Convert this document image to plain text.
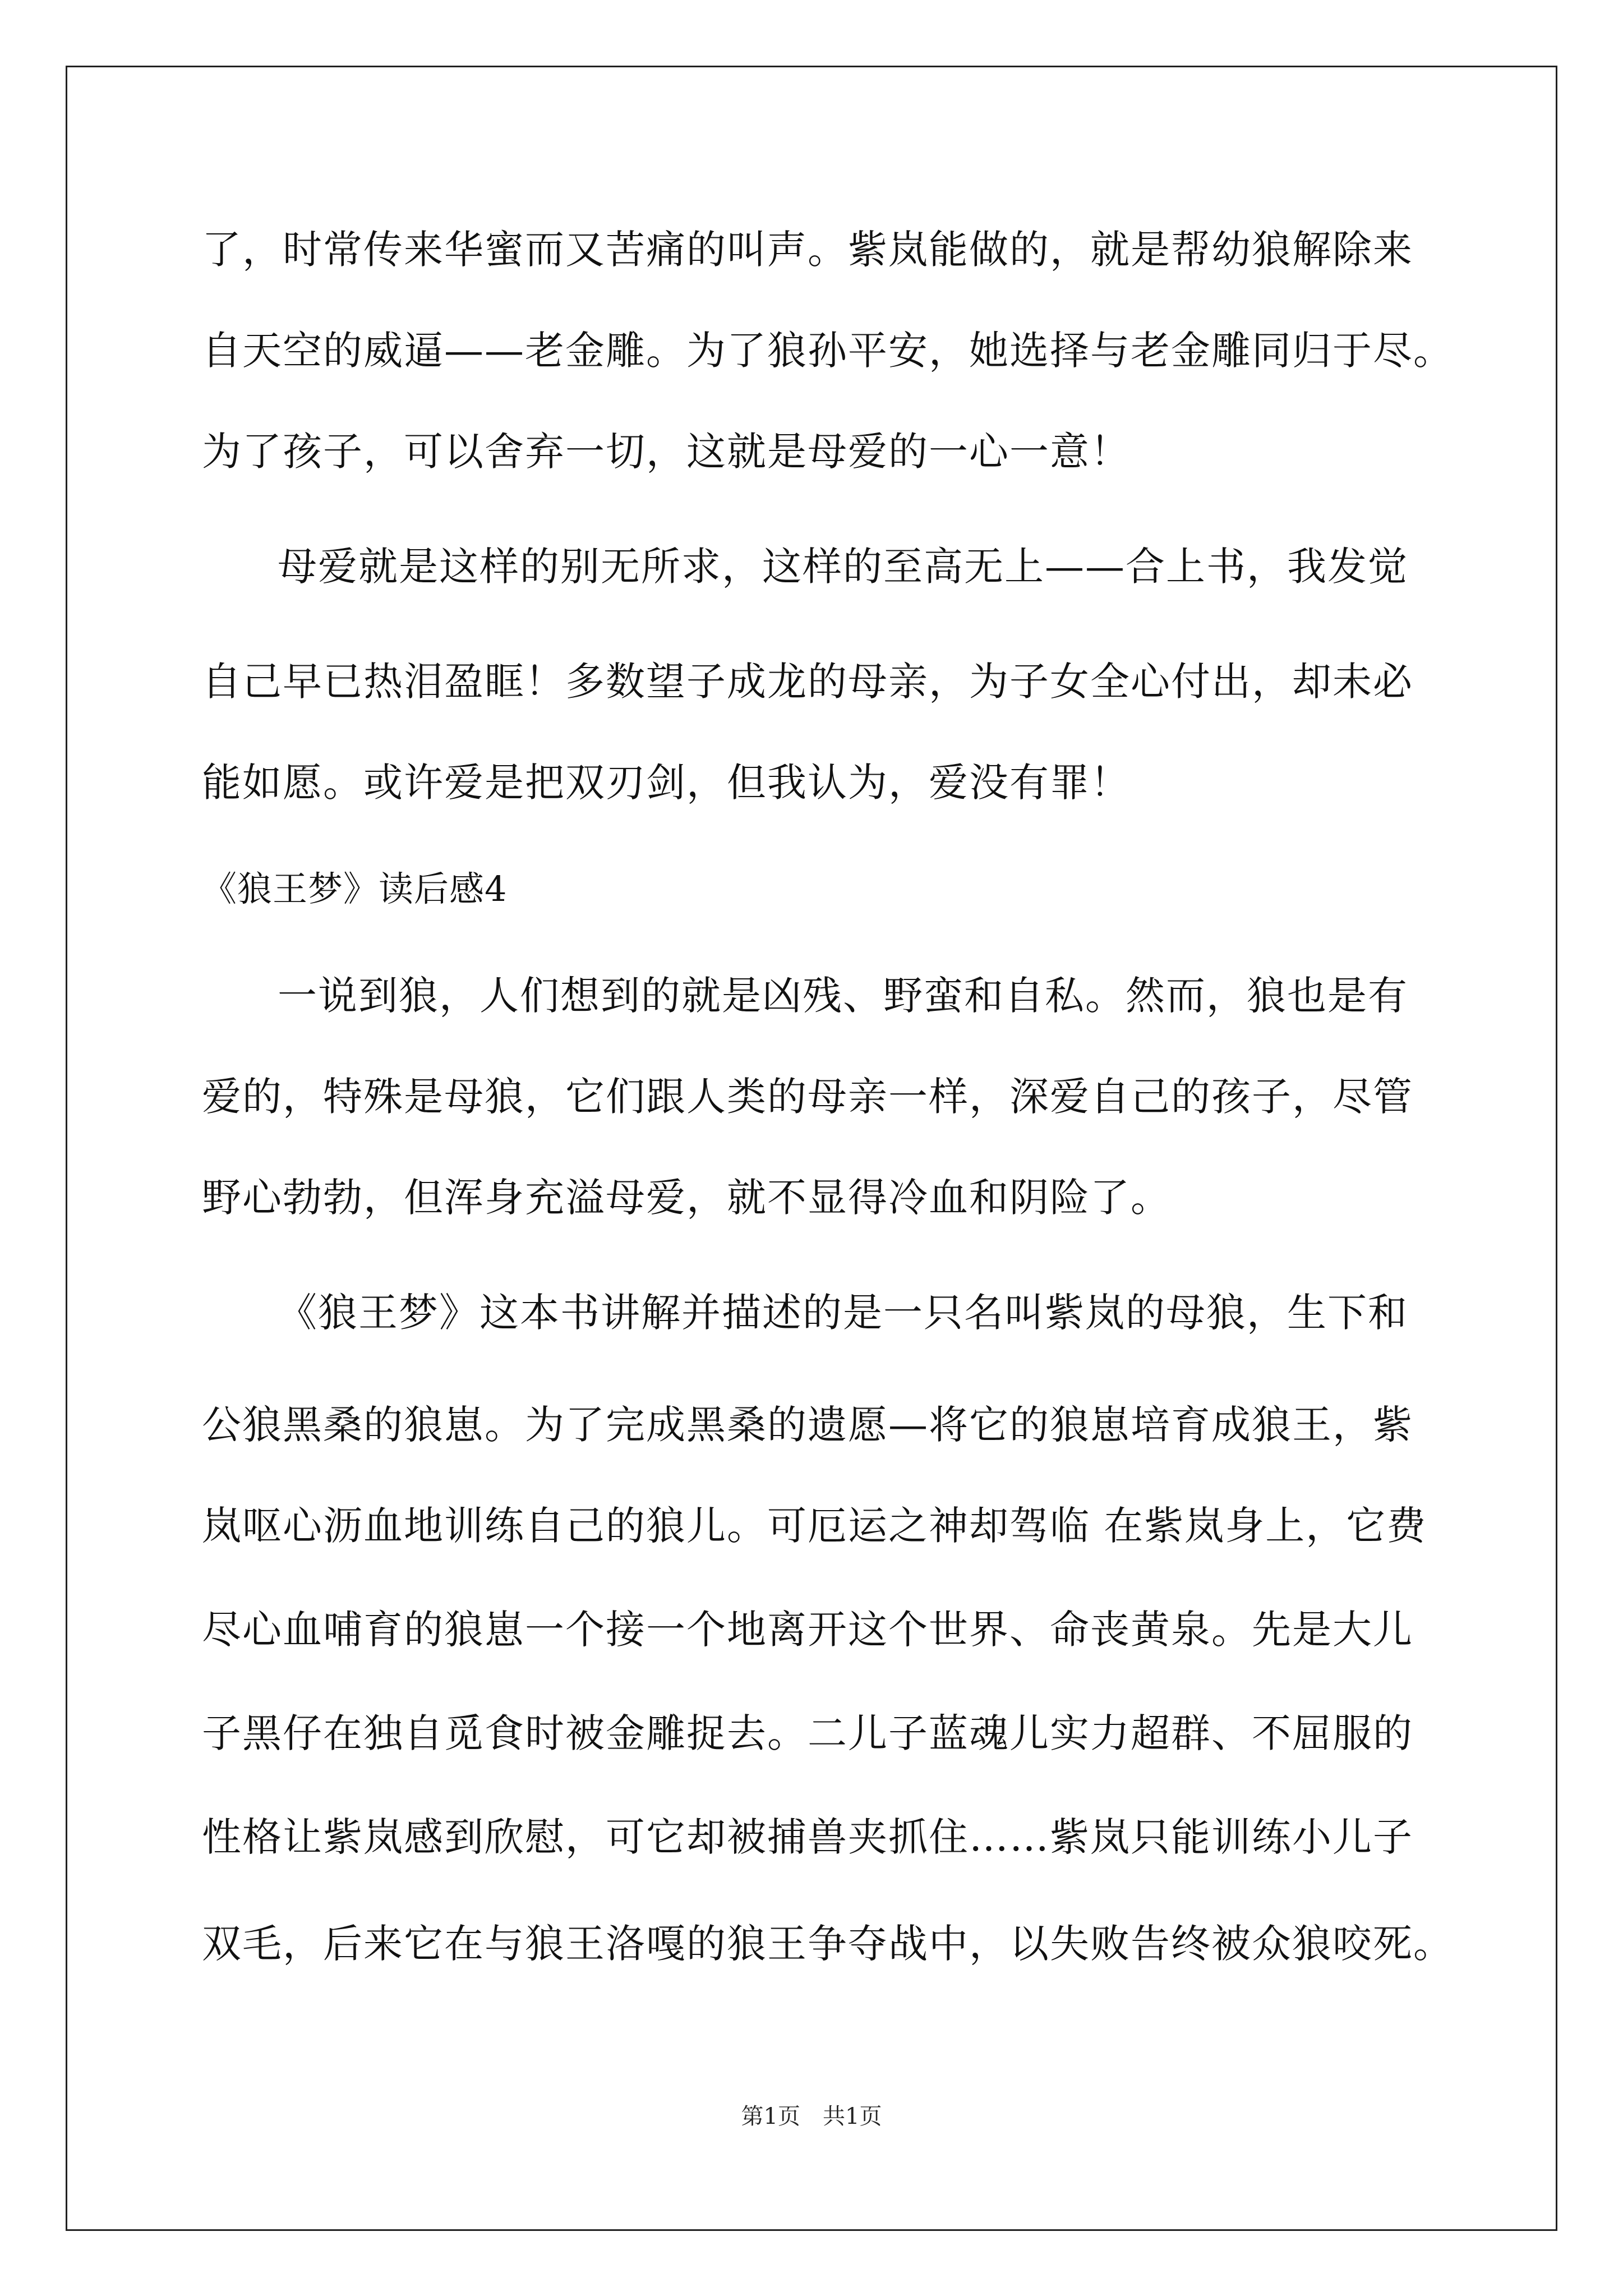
了，时常传来华蜜而又苦痛的叫声。紫岚能做的，就是帮幼狼解除来
自天空的威逼——老金雕。为了狼孙平安，她选择与老金雕同归于尽。
为了孩子，可以舍弃一切，这就是母爱的一心一意！
母爱就是这样的别无所求，这样的至高无上——合上书，我发觉
自己早已热泪盈眶！多数望子成龙的母亲，为子女全心付出，却未必
能如愿。或许爱是把双刃剑，但我认为，爱没有罪！
《狼王梦》读后感4
一说到狼，人们想到的就是凶残、野蛮和自私。然而，狼也是有
爱的，特殊是母狼，它们跟人类的母亲一样，深爱自己的孩子，尽管
野心勃勃，但浑身充溢母爱，就不显得冷血和阴险了。
《狼王梦》这本书讲解并描述的是一只名叫紫岚的母狼，生下和
公狼黑桑的狼崽。为了完成黑桑的遗愿—将它的狼崽培育成狼王，紫
岚呕心沥血地训练自己的狼儿。可厄运之神却驾临 在紫岚身上，它费
尽心血哺育的狼崽一个接一个地离开这个世界、命丧黄泉。先是大儿
子黑仔在独自觅食时被金雕捉去。二儿子蓝魂儿实力超群、不屈服的
性格让紫岚感到欣慰，可它却被捕兽夹抓住……紫岚只能训练小儿子
双毛，后来它在与狼王洛嘎的狼王争夺战中，以失败告终被众狼咬死。
第1页　共1页
